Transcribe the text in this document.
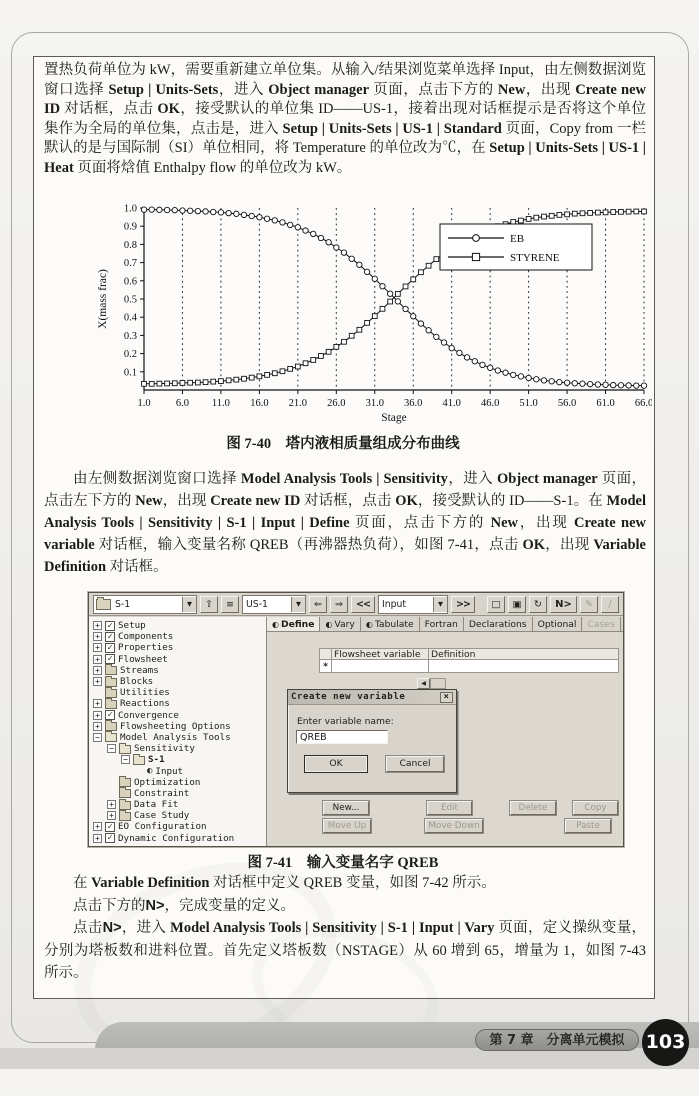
置热负荷单位为 kW，需要重新建立单位集。从输入/结果浏览菜单选择 Input，由左侧数据浏览窗口选择 Setup | Units-Sets，进入 Object manager 页面，点击下方的 New，出现 Create new ID 对话框，点击 OK，接受默认的单位集 ID——US-1，接着出现对话框提示是否将这个单位集作为全局的单位集，点击是，进入 Setup | Units-Sets | US-1 | Standard 页面，Copy from 一栏默认的是与国际制（SI）单位相同，将 Temperature 的单位改为℃，在 Setup | Units-Sets | US-1 | Heat 页面将焓值 Enthalpy flow 的单位改为 kW。
1.0 6.0 11.0 16.0 21.0 26.0 31.0 36.0 41.0 46.0 51.0 56.0 61.0 66.0
0.1
0.2
0.3
0.4
0.5
0.6
0.7
0.8
0.9
1.0
Stage
X(mass frac)
EB
STYRENE
图 7-40　塔内液相质量组成分布曲线
由左侧数据浏览窗口选择 Model Analysis Tools | Sensitivity，进入 Object manager 页面，点击左下方的 New，出现 Create new ID 对话框，点击 OK，接受默认的 ID——S-1。在 Model Analysis Tools | Sensitivity | S-1 | Input | Define 页面，点击下方的 New，出现 Create new variable 对话框，输入变量名称 QREB（再沸器热负荷），如图 7-41，点击 OK，出现 Variable Definition 对话框。
S-1	▼	⇧	≡	US-1	▼	⇐	⇒	<<	Input	▼	>>	□	▣	↻	N>	✎	/
+ ✓ Setup
+ ✓ Components
+ ✓ Properties
+ ✓ Flowsheet
+ Streams
+ Blocks
Utilities
+ Reactions
+ ✓ Convergence
+ Flowsheeting Options
− Model Analysis Tools
− Sensitivity
− S-1
◐ Input
Optimization
Constraint
+ Data Fit
+ Case Study
+ ✓ EO Configuration
+ ✓ Dynamic Configuration
◐ Define ◐ Vary ◐ Tabulate Fortran Declarations Optional Cases
Flowsheet variable	Definition
*
◀
New...	Edit	Delete	Copy
Move Up	Move Down	Paste
Create new variable	×
Enter variable name:
QREB
OK	Cancel
图 7-41　输入变量名字 QREB

在 Variable Definition 对话框中定义 QREB 变量，如图 7-42 所示。

点击下方的N>，完成变量的定义。

点击N>，进入 Model Analysis Tools | Sensitivity | S-1 | Input | Vary 页面，定义操纵变量，分别为塔板数和进料位置。首先定义塔板数（NSTAGE）从 60 增到 65，增量为 1，如图 7-43 所示。

第 7 章　分离单元模拟	103
